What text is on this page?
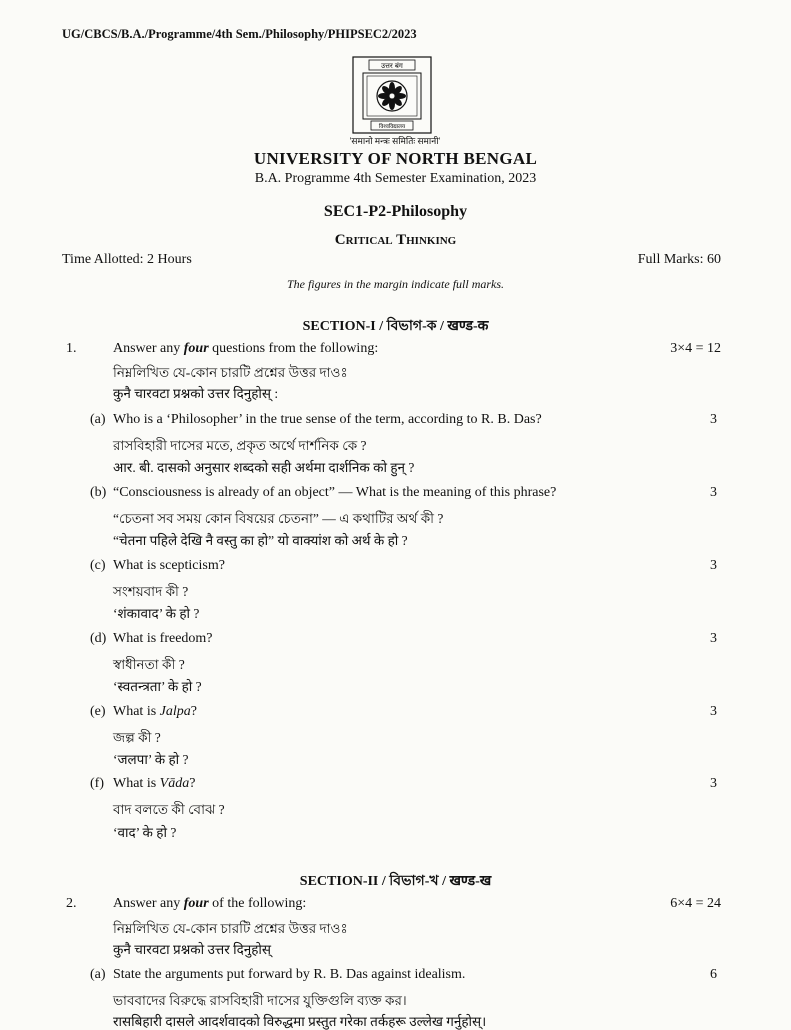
UG/CBCS/B.A./Programme/4th Sem./Philosophy/PHIPSEC2/2023
उत्तर बंग
विश्वविद्यालय
'समानो मन्त्रः समितिः समानी'
UNIVERSITY OF NORTH BENGAL
B.A. Programme 4th Semester Examination, 2023
SEC1-P2-Philosophy
Critical Thinking
Time Allotted: 2 Hours	Full Marks: 60
The figures in the margin indicate full marks.
SECTION-I / বিভাগ-ক / खण्ड-क
1.	Answer any four questions from the following:	3×4 = 12
নিম্নলিখিত যে-কোন চারটি প্রশ্নের উত্তর দাওঃ
कुनै चारवटा प्रश्नको उत्तर दिनुहोस् :
(a) Who is a ‘Philosopher’ in the true sense of the term, according to R. B. Das?	3
রাসবিহারী দাসের মতে, প্রকৃত অর্থে দার্শনিক কে ?
आर. बी. दासको अनुसार शब्दको सही अर्थमा दार्शनिक को हुन् ?
(b) “Consciousness is already of an object” — What is the meaning of this phrase?	3
“চেতনা সব সময় কোন বিষয়ের চেতনা” — এ কথাটির অর্থ কী ?
“चेतना पहिले देखि नै वस्तु का हो” यो वाक्यांश को अर्थ के हो ?
(c) What is scepticism?	3
সংশয়বাদ কী ?
‘शंकावाद’ के हो ?
(d) What is freedom?	3
স্বাধীনতা কী ?
‘स्वतन्त्रता’ के हो ?
(e) What is Jalpa?	3
জল্প কী ?
‘जलपा’ के हो ?
(f) What is Vāda?	3
বাদ বলতে কী বোঝ ?
‘वाद’ के हो ?
SECTION-II / বিভাগ-খ / खण्ड-ख
2.	Answer any four of the following:	6×4 = 24
নিম্নলিখিত যে-কোন চারটি প্রশ্নের উত্তর দাওঃ
कुनै चारवटा प्रश्नको उत्तर दिनुहोस्
(a) State the arguments put forward by R. B. Das against idealism.	6
ভাববাদের বিরুদ্ধে রাসবিহারী দাসের যুক্তিগুলি ব্যক্ত কর।
रासबिहारी दासले आदर्शवादको विरुद्धमा प्रस्तुत गरेका तर्कहरू उल्लेख गर्नुहोस्।
